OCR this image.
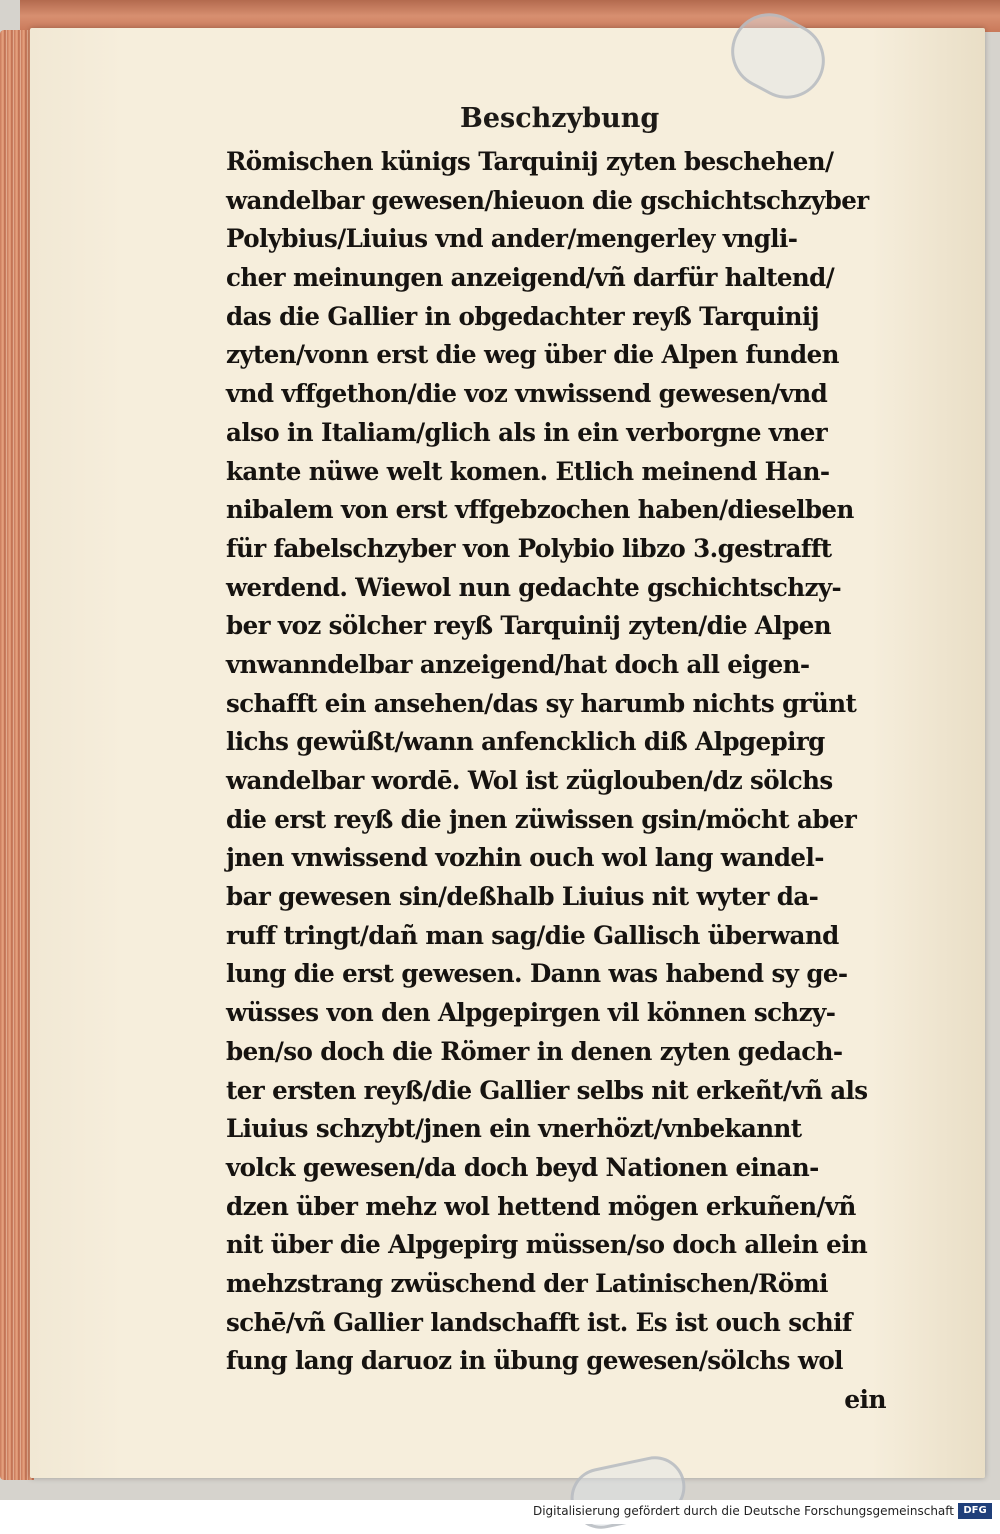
Beschzybung
Römischen künigs Tarquinij zyten beschehen/
wandelbar gewesen/hieuon die gschichtschzyber
Polybius/Liuius vnd ander/mengerley vngli-
cher meinungen anzeigend/vñ darfür haltend/
das die Gallier in obgedachter reyß Tarquinij
zyten/vonn erst die weg über die Alpen funden
vnd vffgethon/die voz vnwissend gewesen/vnd
also in Italiam/glich als in ein verborgne vner
kante nüwe welt komen. Etlich meinend Han-
nibalem von erst vffgebzochen haben/dieselben
für fabelschzyber von Polybio libzo 3.gestrafft
werdend. Wiewol nun gedachte gschichtschzy-
ber voz sölcher reyß Tarquinij zyten/die Alpen
vnwanndelbar anzeigend/hat doch all eigen-
schafft ein ansehen/das sy harumb nichts grünt
lichs gewüßt/wann anfencklich diß Alpgepirg
wandelbar wordē. Wol ist züglouben/dz sölchs
die erst reyß die jnen züwissen gsin/möcht aber
jnen vnwissend vozhin ouch wol lang wandel-
bar gewesen sin/deßhalb Liuius nit wyter da-
ruff tringt/dañ man sag/die Gallisch überwand
lung die erst gewesen. Dann was habend sy ge-
wüsses von den Alpgepirgen vil können schzy-
ben/so doch die Römer in denen zyten gedach-
ter ersten reyß/die Gallier selbs nit erkeñt/vñ als
Liuius schzybt/jnen ein vnerhözt/vnbekannt
volck gewesen/da doch beyd Nationen einan-
dzen über mehz wol hettend mögen erkuñen/vñ
nit über die Alpgepirg müssen/so doch allein ein
mehzstrang zwüschend der Latinischen/Römi
schē/vñ Gallier landschafft ist. Es ist ouch schif
fung lang daruoz in übung gewesen/sölchs wol
ein
Digitalisierung gefördert durch die Deutsche Forschungsgemeinschaft DFG
